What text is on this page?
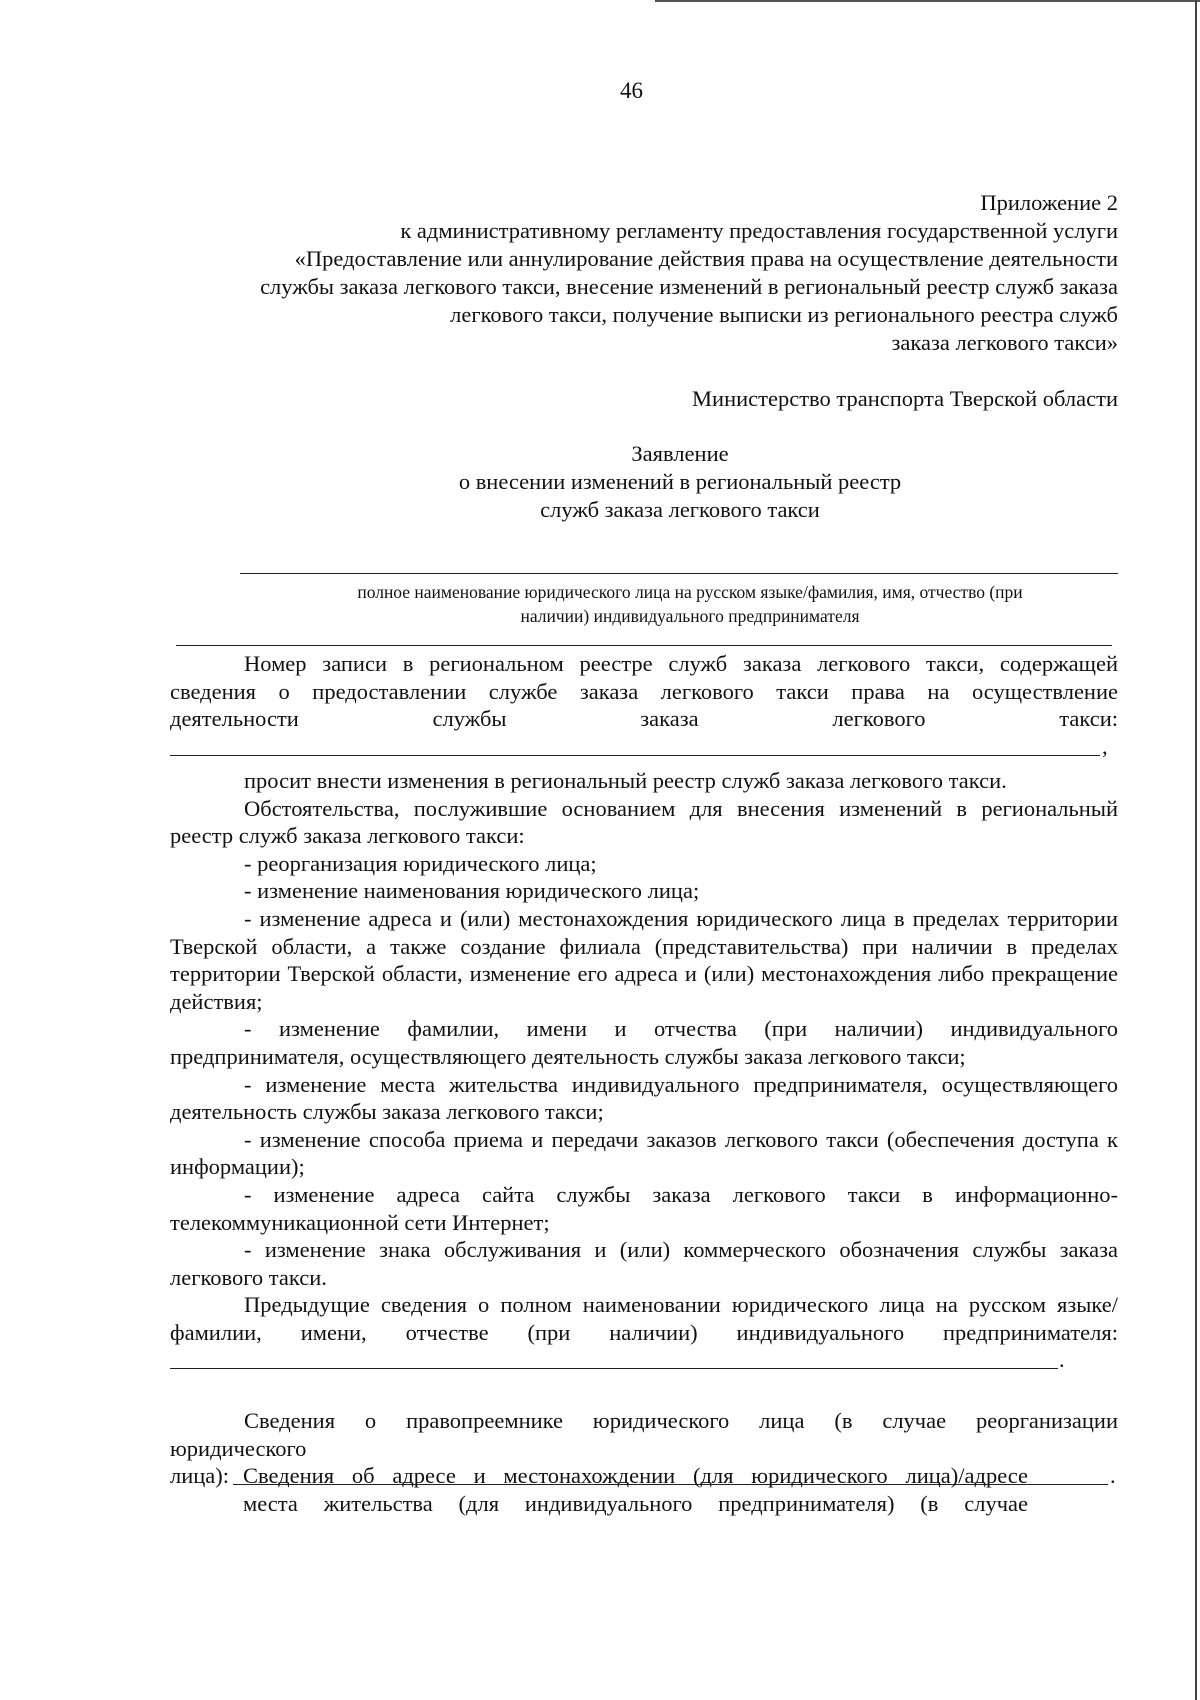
46
Приложение 2
к административному регламенту предоставления государственной услуги
«Предоставление или аннулирование действия права на осуществление деятельности
службы заказа легкового такси, внесение изменений в региональный реестр служб заказа
легкового такси, получение выписки из регионального реестра служб
заказа легкового такси»
Министерство транспорта Тверской области
Заявление
о внесении изменений в региональный реестр
служб заказа легкового такси
полное наименование юридического лица на русском языке/фамилия, имя, отчество (при
наличии) индивидуального предпринимателя

Номер записи в региональном реестре служб заказа легкового такси, содержащей

сведения о предоставлении службе заказа легкового такси права на осуществление

деятельности службы заказа легкового такси:

,

просит внести изменения в региональный реестр служб заказа легкового такси.

Обстоятельства, послужившие основанием для внесения изменений в региональный реестр служб заказа легкового такси:

- реорганизация юридического лица;

- изменение наименования юридического лица;

- изменение адреса и (или) местонахождения юридического лица в пределах территории Тверской области, а также создание филиала (представительства) при наличии в пределах территории Тверской области, изменение его адреса и (или) местонахождения либо прекращение действия;

- изменение фамилии, имени и отчества (при наличии) индивидуального предпринимателя, осуществляющего деятельность службы заказа легкового такси;

- изменение места жительства индивидуального предпринимателя, осуществляющего деятельность службы заказа легкового такси;

- изменение способа приема и передачи заказов легкового такси (обеспечения доступа к информации);

- изменение адреса сайта службы заказа легкового такси в информационно-телекоммуникационной сети Интернет;

- изменение знака обслуживания и (или) коммерческого обозначения службы заказа легкового такси.

Предыдущие сведения о полном наименовании юридического лица на русском языке/фамилии, имени, отчестве (при наличии) индивидуального предпринимателя:

.

Сведения о правопреемнике юридического лица (в случае реорганизации

юридического

лица):	.
Сведения об адресе и местонахождении (для юридического лица)/адресе
места жительства (для индивидуального предпринимателя) (в случае
